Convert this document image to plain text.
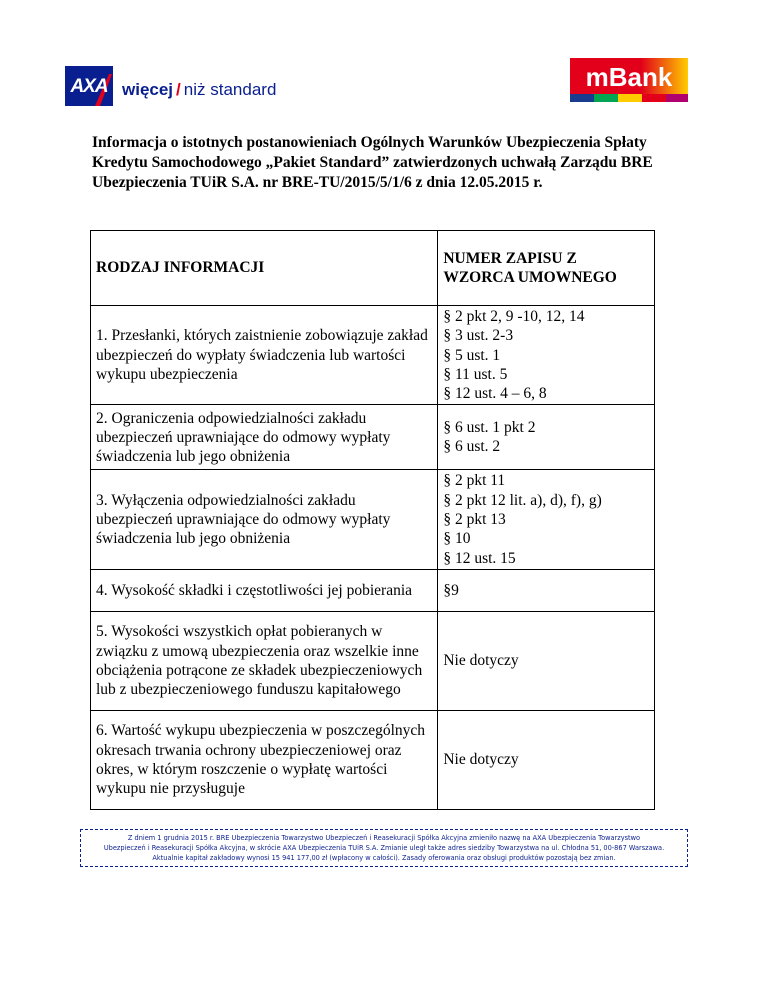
AXA więcej / niż standard	mBank
Informacja o istotnych postanowieniach Ogólnych Warunków Ubezpieczenia Spłaty Kredytu Samochodowego „Pakiet Standard” zatwierdzonych uchwałą Zarządu BRE Ubezpieczenia TUiR S.A. nr BRE-TU/2015/5/1/6 z dnia 12.05.2015 r.
RODZAJ INFORMACJI	NUMER ZAPISU Z WZORCA UMOWNEGO
1. Przesłanki, których zaistnienie zobowiązuje zakład ubezpieczeń do wypłaty świadczenia lub wartości wykupu ubezpieczenia	§ 2 pkt 2, 9 -10, 12, 14
§ 3 ust. 2-3
§ 5 ust. 1
§ 11 ust. 5
§ 12 ust. 4 – 6, 8

2. Ograniczenia odpowiedzialności zakładu ubezpieczeń uprawniające do odmowy wypłaty świadczenia lub jego obniżenia	§ 6 ust. 1 pkt 2
§ 6 ust. 2

3. Wyłączenia odpowiedzialności zakładu ubezpieczeń uprawniające do odmowy wypłaty świadczenia lub jego obniżenia	§ 2 pkt 11
§ 2 pkt 12 lit. a), d), f), g)
§ 2 pkt 13
§ 10
§ 12 ust. 15

4. Wysokość składki i częstotliwości jej pobierania	§9

5. Wysokości wszystkich opłat pobieranych w związku z umową ubezpieczenia oraz wszelkie inne obciążenia potrącone ze składek ubezpieczeniowych lub z ubezpieczeniowego funduszu kapitałowego	Nie dotyczy

6. Wartość wykupu ubezpieczenia w poszczególnych okresach trwania ochrony ubezpieczeniowej oraz okres, w którym roszczenie o wypłatę wartości wykupu nie przysługuje	Nie dotyczy
Z dniem 1 grudnia 2015 r. BRE Ubezpieczenia Towarzystwo Ubezpieczeń i Reasekuracji Spółka Akcyjna zmieniło nazwę na AXA Ubezpieczenia Towarzystwo
Ubezpieczeń i Reasekuracji Spółka Akcyjna, w skrócie AXA Ubezpieczenia TUiR S.A. Zmianie uległ także adres siedziby Towarzystwa na ul. Chłodna 51, 00-867 Warszawa.
Aktualnie kapitał zakładowy wynosi 15 941 177,00 zł (wpłacony w całości). Zasady oferowania oraz obsługi produktów pozostają bez zmian.
